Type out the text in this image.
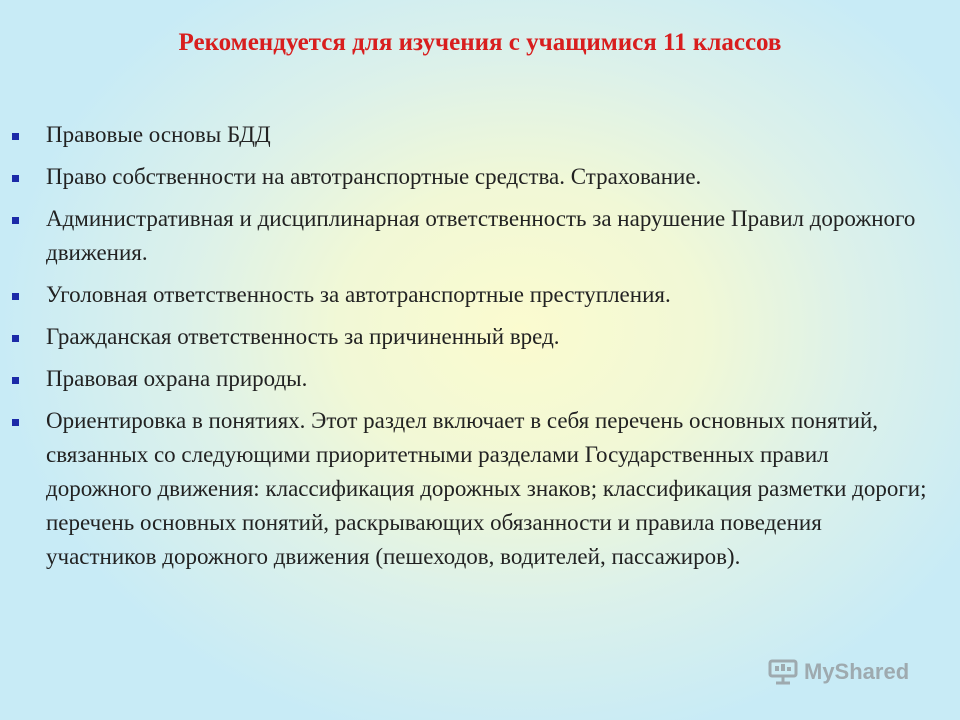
Рекомендуется для изучения с учащимися 11 классов
Правовые основы БДД
Право собственности на автотранспортные средства. Страхование.
Административная и дисциплинарная ответственность за нарушение Правил дорожного движения.
Уголовная ответственность за автотранспортные преступления.
Гражданская ответственность за причиненный вред.
Правовая охрана природы.
Ориентировка в понятиях. Этот раздел включает в себя перечень основных понятий, связанных со следующими приоритетными разделами Государственных правил дорожного движения: классификация дорожных знаков; классификация разметки дороги; перечень основных понятий, раскрывающих обязанности и правила поведения участников дорожного движения (пешеходов, водителей, пассажиров).
MyShared
